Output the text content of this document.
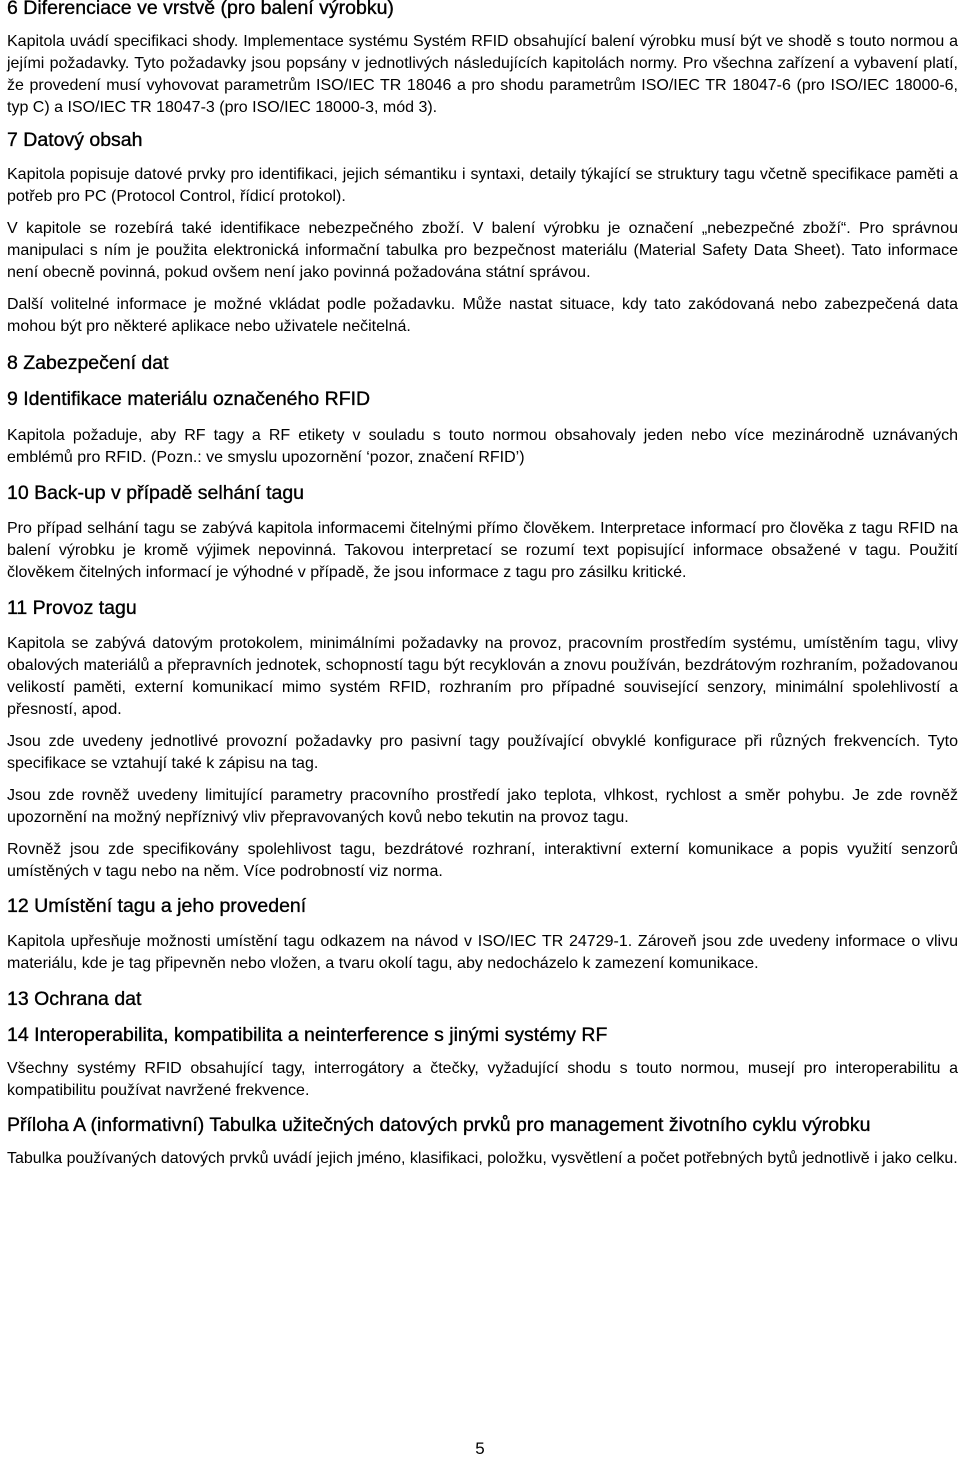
6 Diferenciace ve vrstvě (pro balení výrobku)

Kapitola uvádí specifikaci shody. Implementace systému Systém RFID obsahující balení výrobku musí být ve shodě s touto normou a jejími požadavky. Tyto požadavky jsou popsány v jednotlivých následujících kapitolách normy. Pro všechna zařízení a vybavení platí, že provedení musí vyhovovat parametrům ISO/IEC TR 18046 a pro shodu parametrům ISO/IEC TR 18047-6 (pro ISO/IEC 18000-6, typ C) a ISO/IEC TR 18047-3 (pro ISO/IEC 18000-3, mód 3).

7 Datový obsah

Kapitola popisuje datové prvky pro identifikaci, jejich sémantiku i syntaxi, detaily týkající se struktury tagu včetně specifikace paměti a potřeb pro PC (Protocol Control, řídicí protokol).

V kapitole se rozebírá také identifikace nebezpečného zboží. V balení výrobku je označení „nebezpečné zboží“. Pro správnou manipulaci s ním je použita elektronická informační tabulka pro bezpečnost materiálu (Material Safety Data Sheet). Tato informace není obecně povinná, pokud ovšem není jako povinná požadována státní správou.

Další volitelné informace je možné vkládat podle požadavku. Může nastat situace, kdy tato zakódovaná nebo zabezpečená data mohou být pro některé aplikace nebo uživatele nečitelná.

8 Zabezpečení dat
9 Identifikace materiálu označeného RFID

Kapitola požaduje, aby RF tagy a RF etikety v souladu s touto normou obsahovaly jeden nebo více mezinárodně uznávaných emblémů pro RFID. (Pozn.: ve smyslu upozornění ‘pozor, značení RFID’)

10 Back-up v případě selhání tagu

Pro případ selhání tagu se zabývá kapitola informacemi čitelnými přímo člověkem. Interpretace informací pro člověka z tagu RFID na balení výrobku je kromě výjimek nepovinná. Takovou interpretací se rozumí text popisující informace obsažené v tagu. Použití člověkem čitelných informací je výhodné v případě, že jsou informace z tagu pro zásilku kritické.

11 Provoz tagu

Kapitola se zabývá datovým protokolem, minimálními požadavky na provoz, pracovním prostředím systému, umístěním tagu, vlivy obalových materiálů a přepravních jednotek, schopností tagu být recyklován a znovu používán, bezdrátovým rozhraním, požadovanou velikostí paměti, externí komunikací mimo systém RFID, rozhraním pro případné související senzory, minimální spolehlivostí a přesností, apod.

Jsou zde uvedeny jednotlivé provozní požadavky pro pasivní tagy používající obvyklé konfigurace při různých frekvencích. Tyto specifikace se vztahují také k zápisu na tag.

Jsou zde rovněž uvedeny limitující parametry pracovního prostředí jako teplota, vlhkost, rychlost a směr pohybu. Je zde rovněž upozornění na možný nepříznivý vliv přepravovaných kovů nebo tekutin na provoz tagu.

Rovněž jsou zde specifikovány spolehlivost tagu, bezdrátové rozhraní, interaktivní externí komunikace a popis využití senzorů umístěných v tagu nebo na něm. Více podrobností viz norma.

12 Umístění tagu a jeho provedení

Kapitola upřesňuje možnosti umístění tagu odkazem na návod v ISO/IEC TR 24729-1. Zároveň jsou zde uvedeny informace o vlivu materiálu, kde je tag připevněn nebo vložen, a tvaru okolí tagu, aby nedocházelo k zamezení komunikace.

13 Ochrana dat
14 Interoperabilita, kompatibilita a neinterference s jinými systémy RF

Všechny systémy RFID obsahující tagy, interrogátory a čtečky, vyžadující shodu s touto normou, musejí pro interoperabilitu a kompatibilitu používat navržené frekvence.

Příloha A (informativní) Tabulka užitečných datových prvků pro management životního cyklu výrobku

Tabulka používaných datových prvků uvádí jejich jméno, klasifikaci, položku, vysvětlení a počet potřebných bytů jednotlivě i jako celku.

5
